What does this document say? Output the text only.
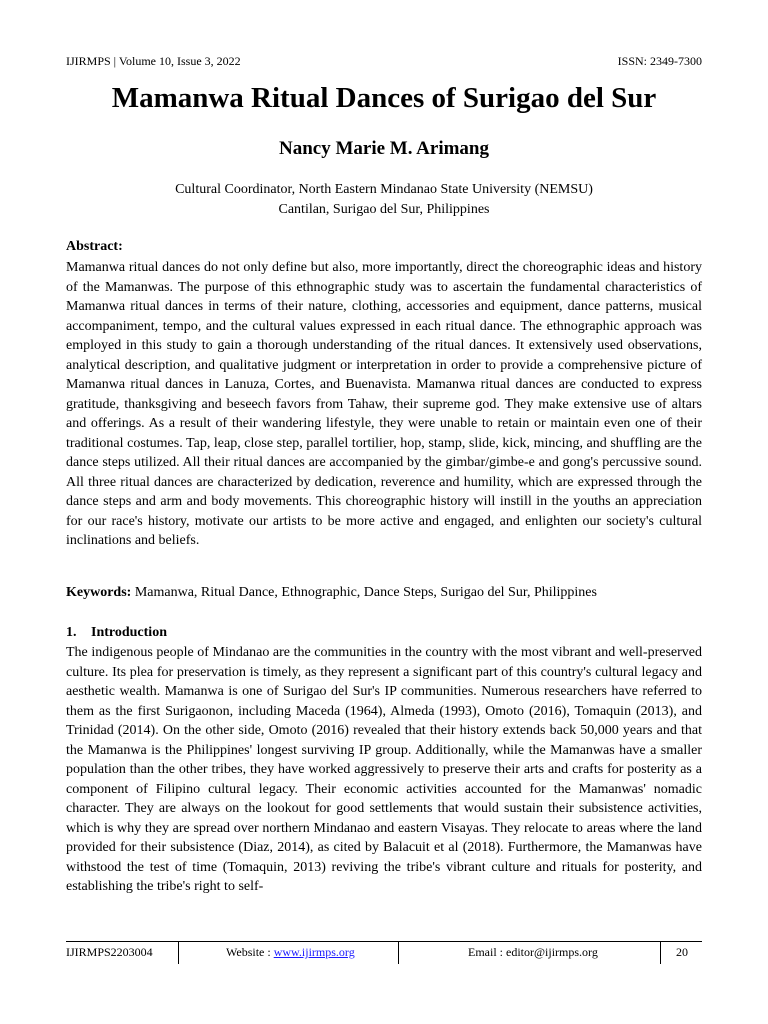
IJIRMPS | Volume 10, Issue 3, 2022	ISSN: 2349-7300
Mamanwa Ritual Dances of Surigao del Sur
Nancy Marie M. Arimang
Cultural Coordinator, North Eastern Mindanao State University (NEMSU)
Cantilan, Surigao del Sur, Philippines
Abstract:

Mamanwa ritual dances do not only define but also, more importantly, direct the choreographic ideas and history of the Mamanwas. The purpose of this ethnographic study was to ascertain the fundamental characteristics of Mamanwa ritual dances in terms of their nature, clothing, accessories and equipment, dance patterns, musical accompaniment, tempo, and the cultural values expressed in each ritual dance. The ethnographic approach was employed in this study to gain a thorough understanding of the ritual dances. It extensively used observations, analytical description, and qualitative judgment or interpretation in order to provide a comprehensive picture of Mamanwa ritual dances in Lanuza, Cortes, and Buenavista. Mamanwa ritual dances are conducted to express gratitude, thanksgiving and beseech favors from Tahaw, their supreme god. They make extensive use of altars and offerings. As a result of their wandering lifestyle, they were unable to retain or maintain even one of their traditional costumes. Tap, leap, close step, parallel tortilier, hop, stamp, slide, kick, mincing, and shuffling are the dance steps utilized. All their ritual dances are accompanied by the gimbar/gimbe-e and gong's percussive sound. All three ritual dances are characterized by dedication, reverence and humility, which are expressed through the dance steps and arm and body movements. This choreographic history will instill in the youths an appreciation for our race's history, motivate our artists to be more active and engaged, and enlighten our society's cultural inclinations and beliefs.

Keywords: Mamanwa, Ritual Dance, Ethnographic, Dance Steps, Surigao del Sur, Philippines
1. Introduction

The indigenous people of Mindanao are the communities in the country with the most vibrant and well-preserved culture. Its plea for preservation is timely, as they represent a significant part of this country's cultural legacy and aesthetic wealth. Mamanwa is one of Surigao del Sur's IP communities. Numerous researchers have referred to them as the first Surigaonon, including Maceda (1964), Almeda (1993), Omoto (2016), Tomaquin (2013), and Trinidad (2014). On the other side, Omoto (2016) revealed that their history extends back 50,000 years and that the Mamanwa is the Philippines' longest surviving IP group. Additionally, while the Mamanwas have a smaller population than the other tribes, they have worked aggressively to preserve their arts and crafts for posterity as a component of Filipino cultural legacy. Their economic activities accounted for the Mamanwas' nomadic character. They are always on the lookout for good settlements that would sustain their subsistence activities, which is why they are spread over northern Mindanao and eastern Visayas. They relocate to areas where the land provided for their subsistence (Diaz, 2014), as cited by Balacuit et al (2018). Furthermore, the Mamanwas have withstood the test of time (Tomaquin, 2013) reviving the tribe's vibrant culture and rituals for posterity, and establishing the tribe's right to self-

IJIRMPS2203004	Website : www.ijirmps.org	Email : editor@ijirmps.org	20
